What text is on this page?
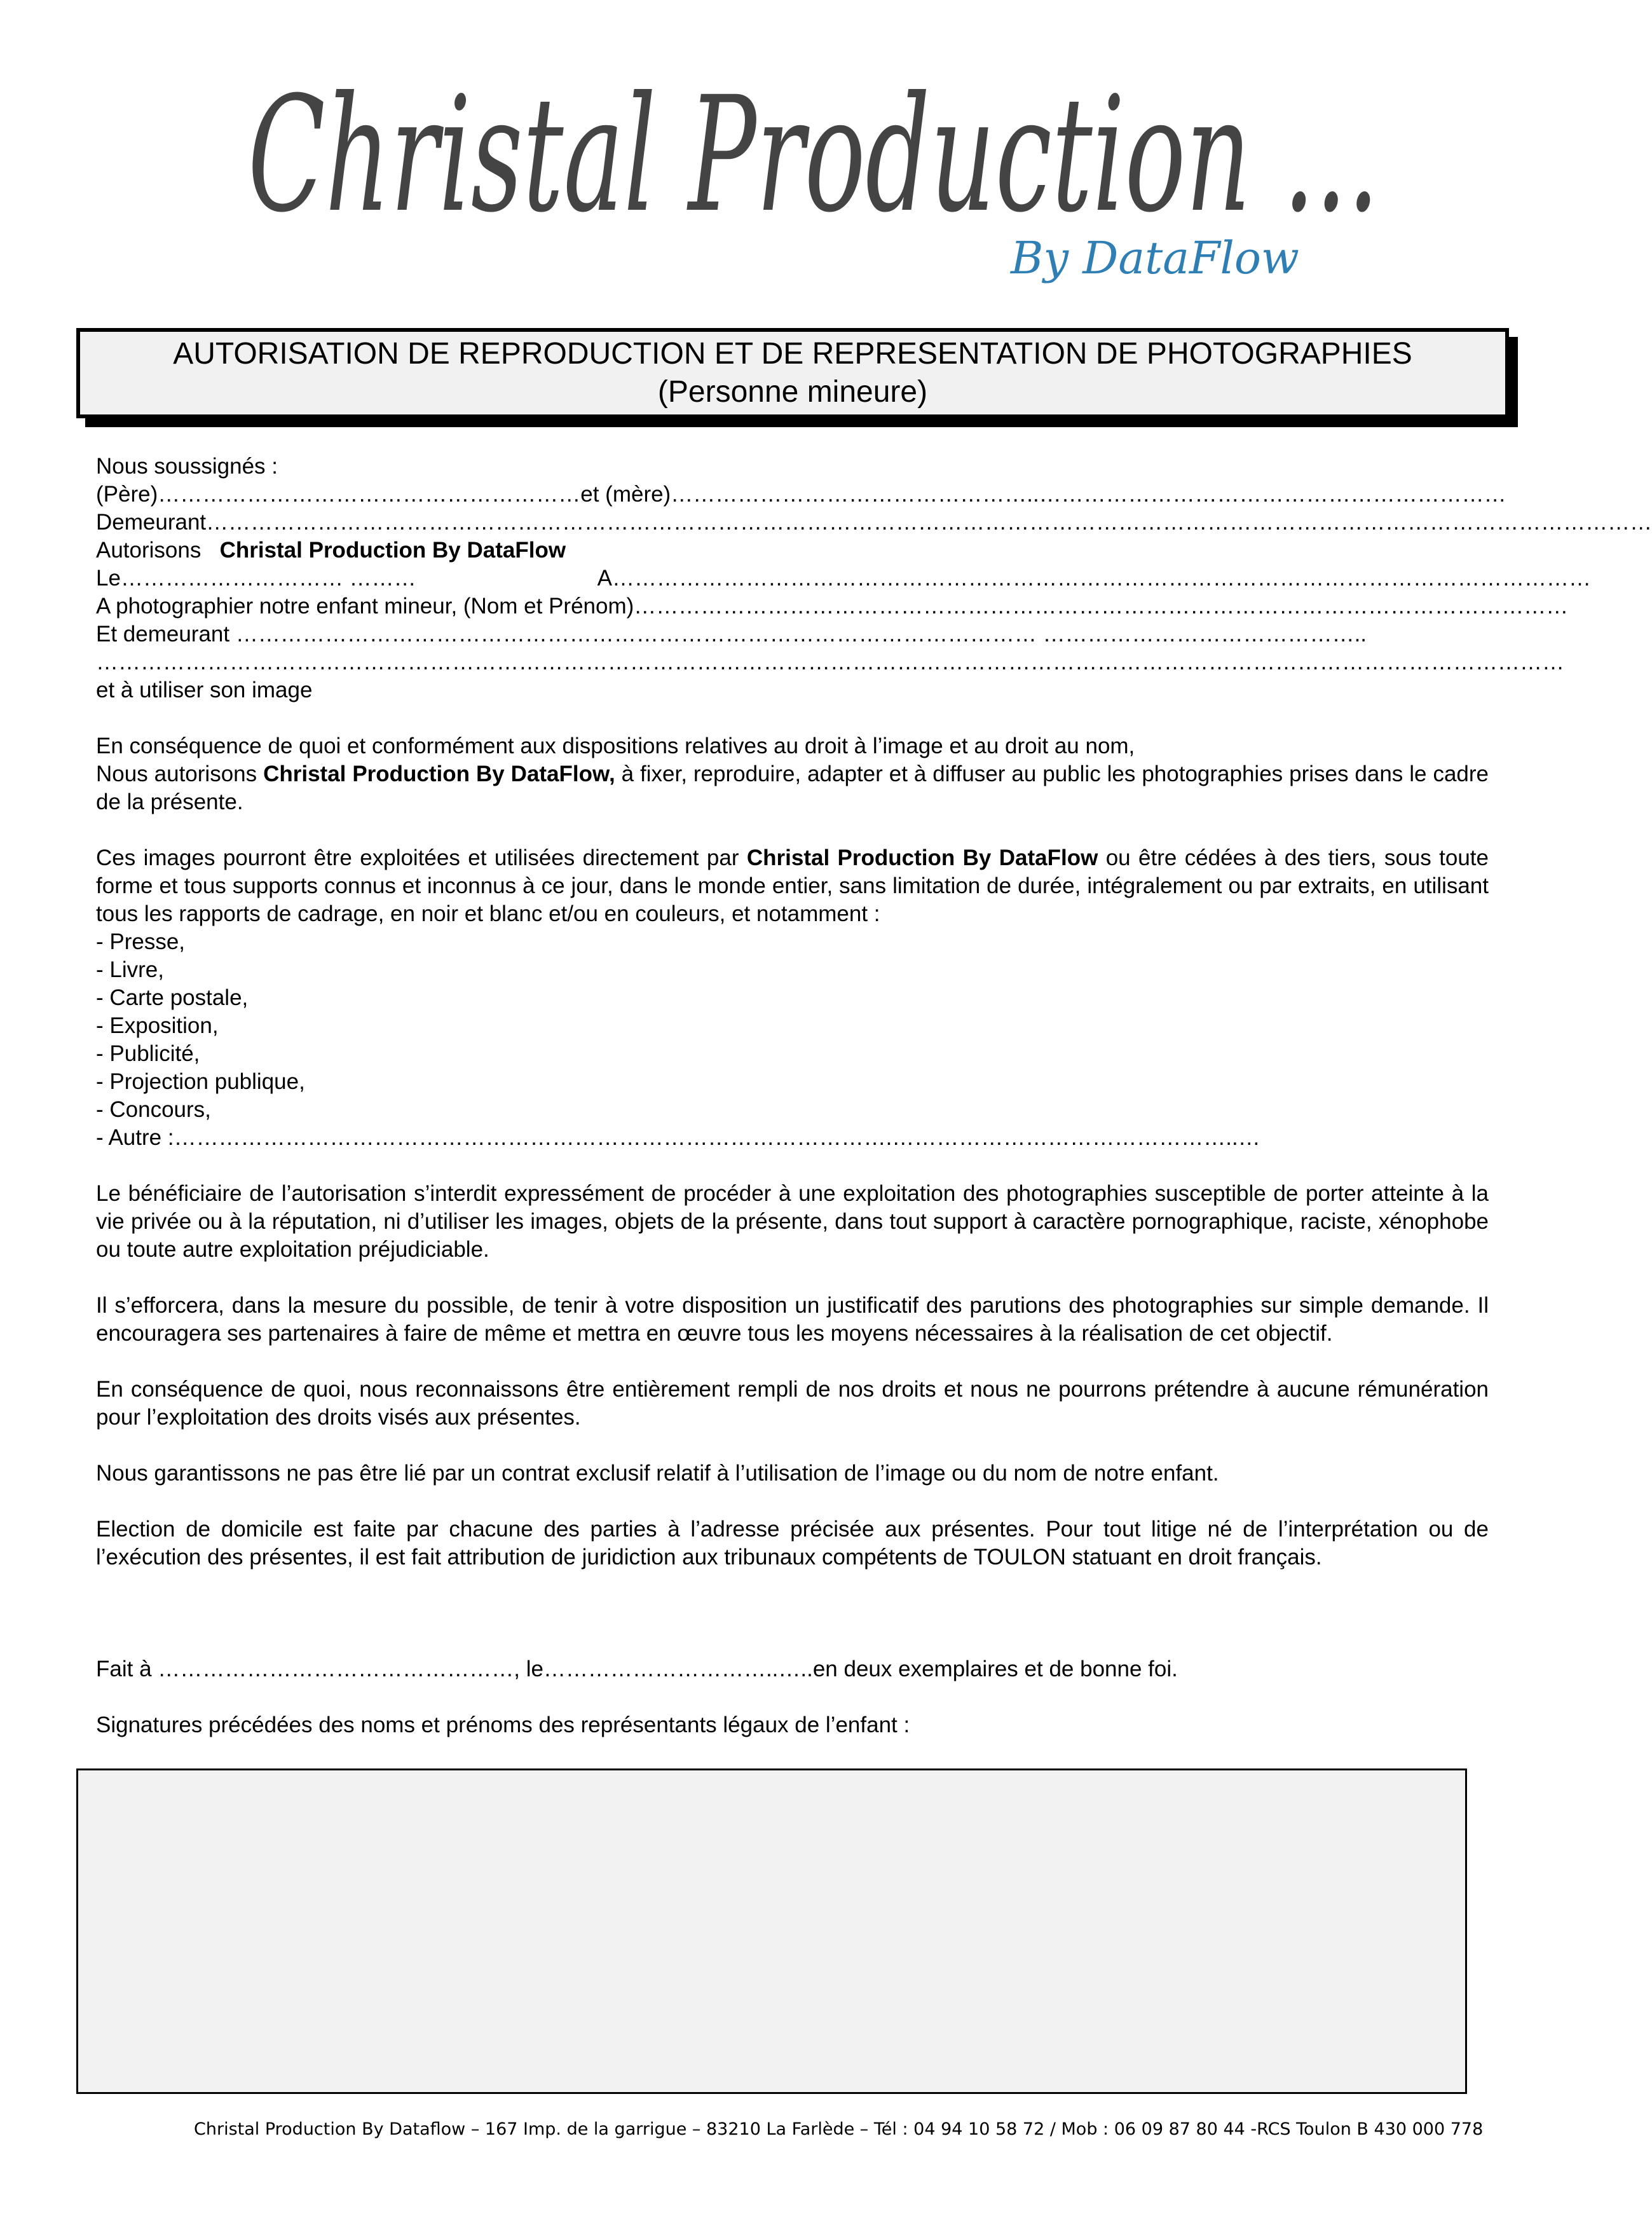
Christal Production ...
By DataFlow
AUTORISATION DE REPRODUCTION ET DE REPRESENTATION DE PHOTOGRAPHIES
(Personne mineure)

Nous soussignés :

(Père)…………………………………………………et (mère)…………………………………………..………………………………………………………

Demeurant……………………………………………………………………………………………………………………………………………………………………………

Autorisons Christal Production By DataFlow

Le………………………… ………	A……………………………………………………………………………………………………………………

A photographier notre enfant mineur, (Nom et Prénom)………………………………………………………………………………………………………………

Et demeurant ……………………………………………………………………………………………… ……………………………………..

………………………………………………………………………………………………………………………………………………………………………………

et à utiliser son image

En conséquence de quoi et conformément aux dispositions relatives au droit à l’image et au droit au nom,

Nous autorisons Christal Production By DataFlow, à fixer, reproduire, adapter et à diffuser au public les photographies prises dans le cadre de la présente.

Ces images pourront être exploitées et utilisées directement par Christal Production By DataFlow ou être cédées à des tiers, sous toute forme et tous supports connus et inconnus à ce jour, dans le monde entier, sans limitation de durée, intégralement ou par extraits, en utilisant tous les rapports de cadrage, en noir et blanc et/ou en couleurs, et notamment :

- Presse,

- Livre,

- Carte postale,

- Exposition,

- Publicité,

- Projection publique,

- Concours,

- Autre :…………………………………………………………………………………….………………………………………..…

Le bénéficiaire de l’autorisation s’interdit expressément de procéder à une exploitation des photographies susceptible de porter atteinte à la vie privée ou à la réputation, ni d’utiliser les images, objets de la présente, dans tout support à caractère pornographique, raciste, xénophobe ou toute autre exploitation préjudiciable.

Il s’efforcera, dans la mesure du possible, de tenir à votre disposition un justificatif des parutions des photographies sur simple demande. Il encouragera ses partenaires à faire de même et mettra en œuvre tous les moyens nécessaires à la réalisation de cet objectif.

En conséquence de quoi, nous reconnaissons être entièrement rempli de nos droits et nous ne pourrons prétendre à aucune rémunération pour l’exploitation des droits visés aux présentes.

Nous garantissons ne pas être lié par un contrat exclusif relatif à l’utilisation de l’image ou du nom de notre enfant.

Election de domicile est faite par chacune des parties à l’adresse précisée aux présentes. Pour tout litige né de l’interprétation ou de l’exécution des présentes, il est fait attribution de juridiction aux tribunaux compétents de TOULON statuant en droit français.

Fait à …………………………………………, le…………………………..…..en deux exemplaires et de bonne foi.

Signatures précédées des noms et prénoms des représentants légaux de l’enfant :

Christal Production By Dataflow – 167 Imp. de la garrigue – 83210 La Farlède – Tél : 04 94 10 58 72 / Mob : 06 09 87 80 44 -RCS Toulon B 430 000 778
